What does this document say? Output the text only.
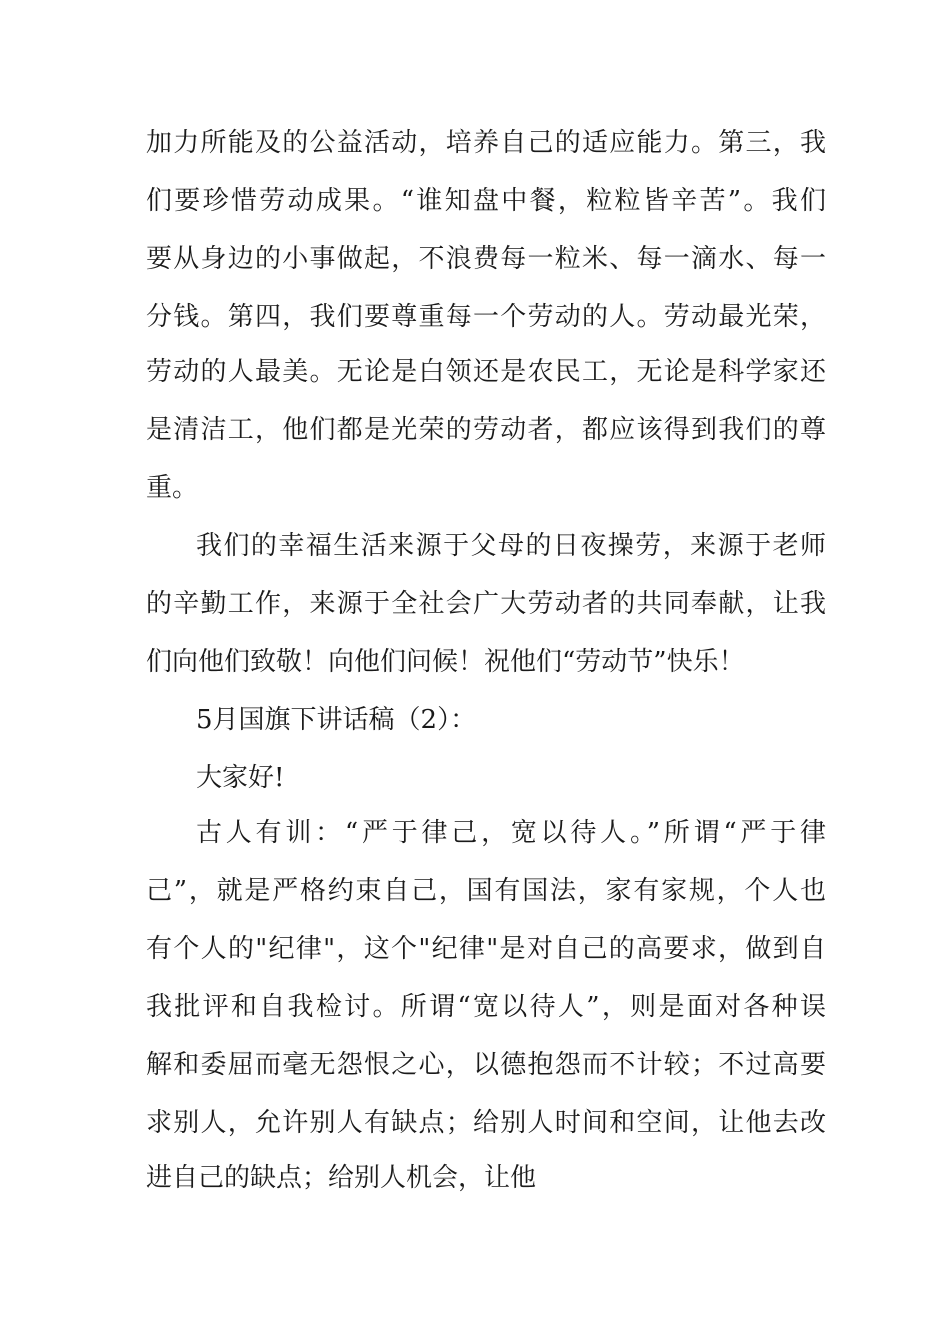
加力所能及的公益活动，培养自己的适应能力。第三，我
们要珍惜劳动成果。“谁知盘中餐，粒粒皆辛苦”。我们
要从身边的小事做起，不浪费每一粒米、每一滴水、每一
分钱。第四，我们要尊重每一个劳动的人。劳动最光荣，
劳动的人最美。无论是白领还是农民工，无论是科学家还
是清洁工，他们都是光荣的劳动者，都应该得到我们的尊
重。
我们的幸福生活来源于父母的日夜操劳，来源于老师
的辛勤工作，来源于全社会广大劳动者的共同奉献，让我
们向他们致敬！向他们问候！祝他们“劳动节”快乐！
5月国旗下讲话稿（2）：
大家好!
古人有训：“严于律己，宽以待人。”所谓“严于律
己”，就是严格约束自己，国有国法，家有家规，个人也
有个人的"纪律"，这个"纪律"是对自己的高要求，做到自
我批评和自我检讨。所谓“宽以待人”，则是面对各种误
解和委屈而毫无怨恨之心，以德抱怨而不计较；不过高要
求别人，允许别人有缺点；给别人时间和空间，让他去改
进自己的缺点；给别人机会，让他
